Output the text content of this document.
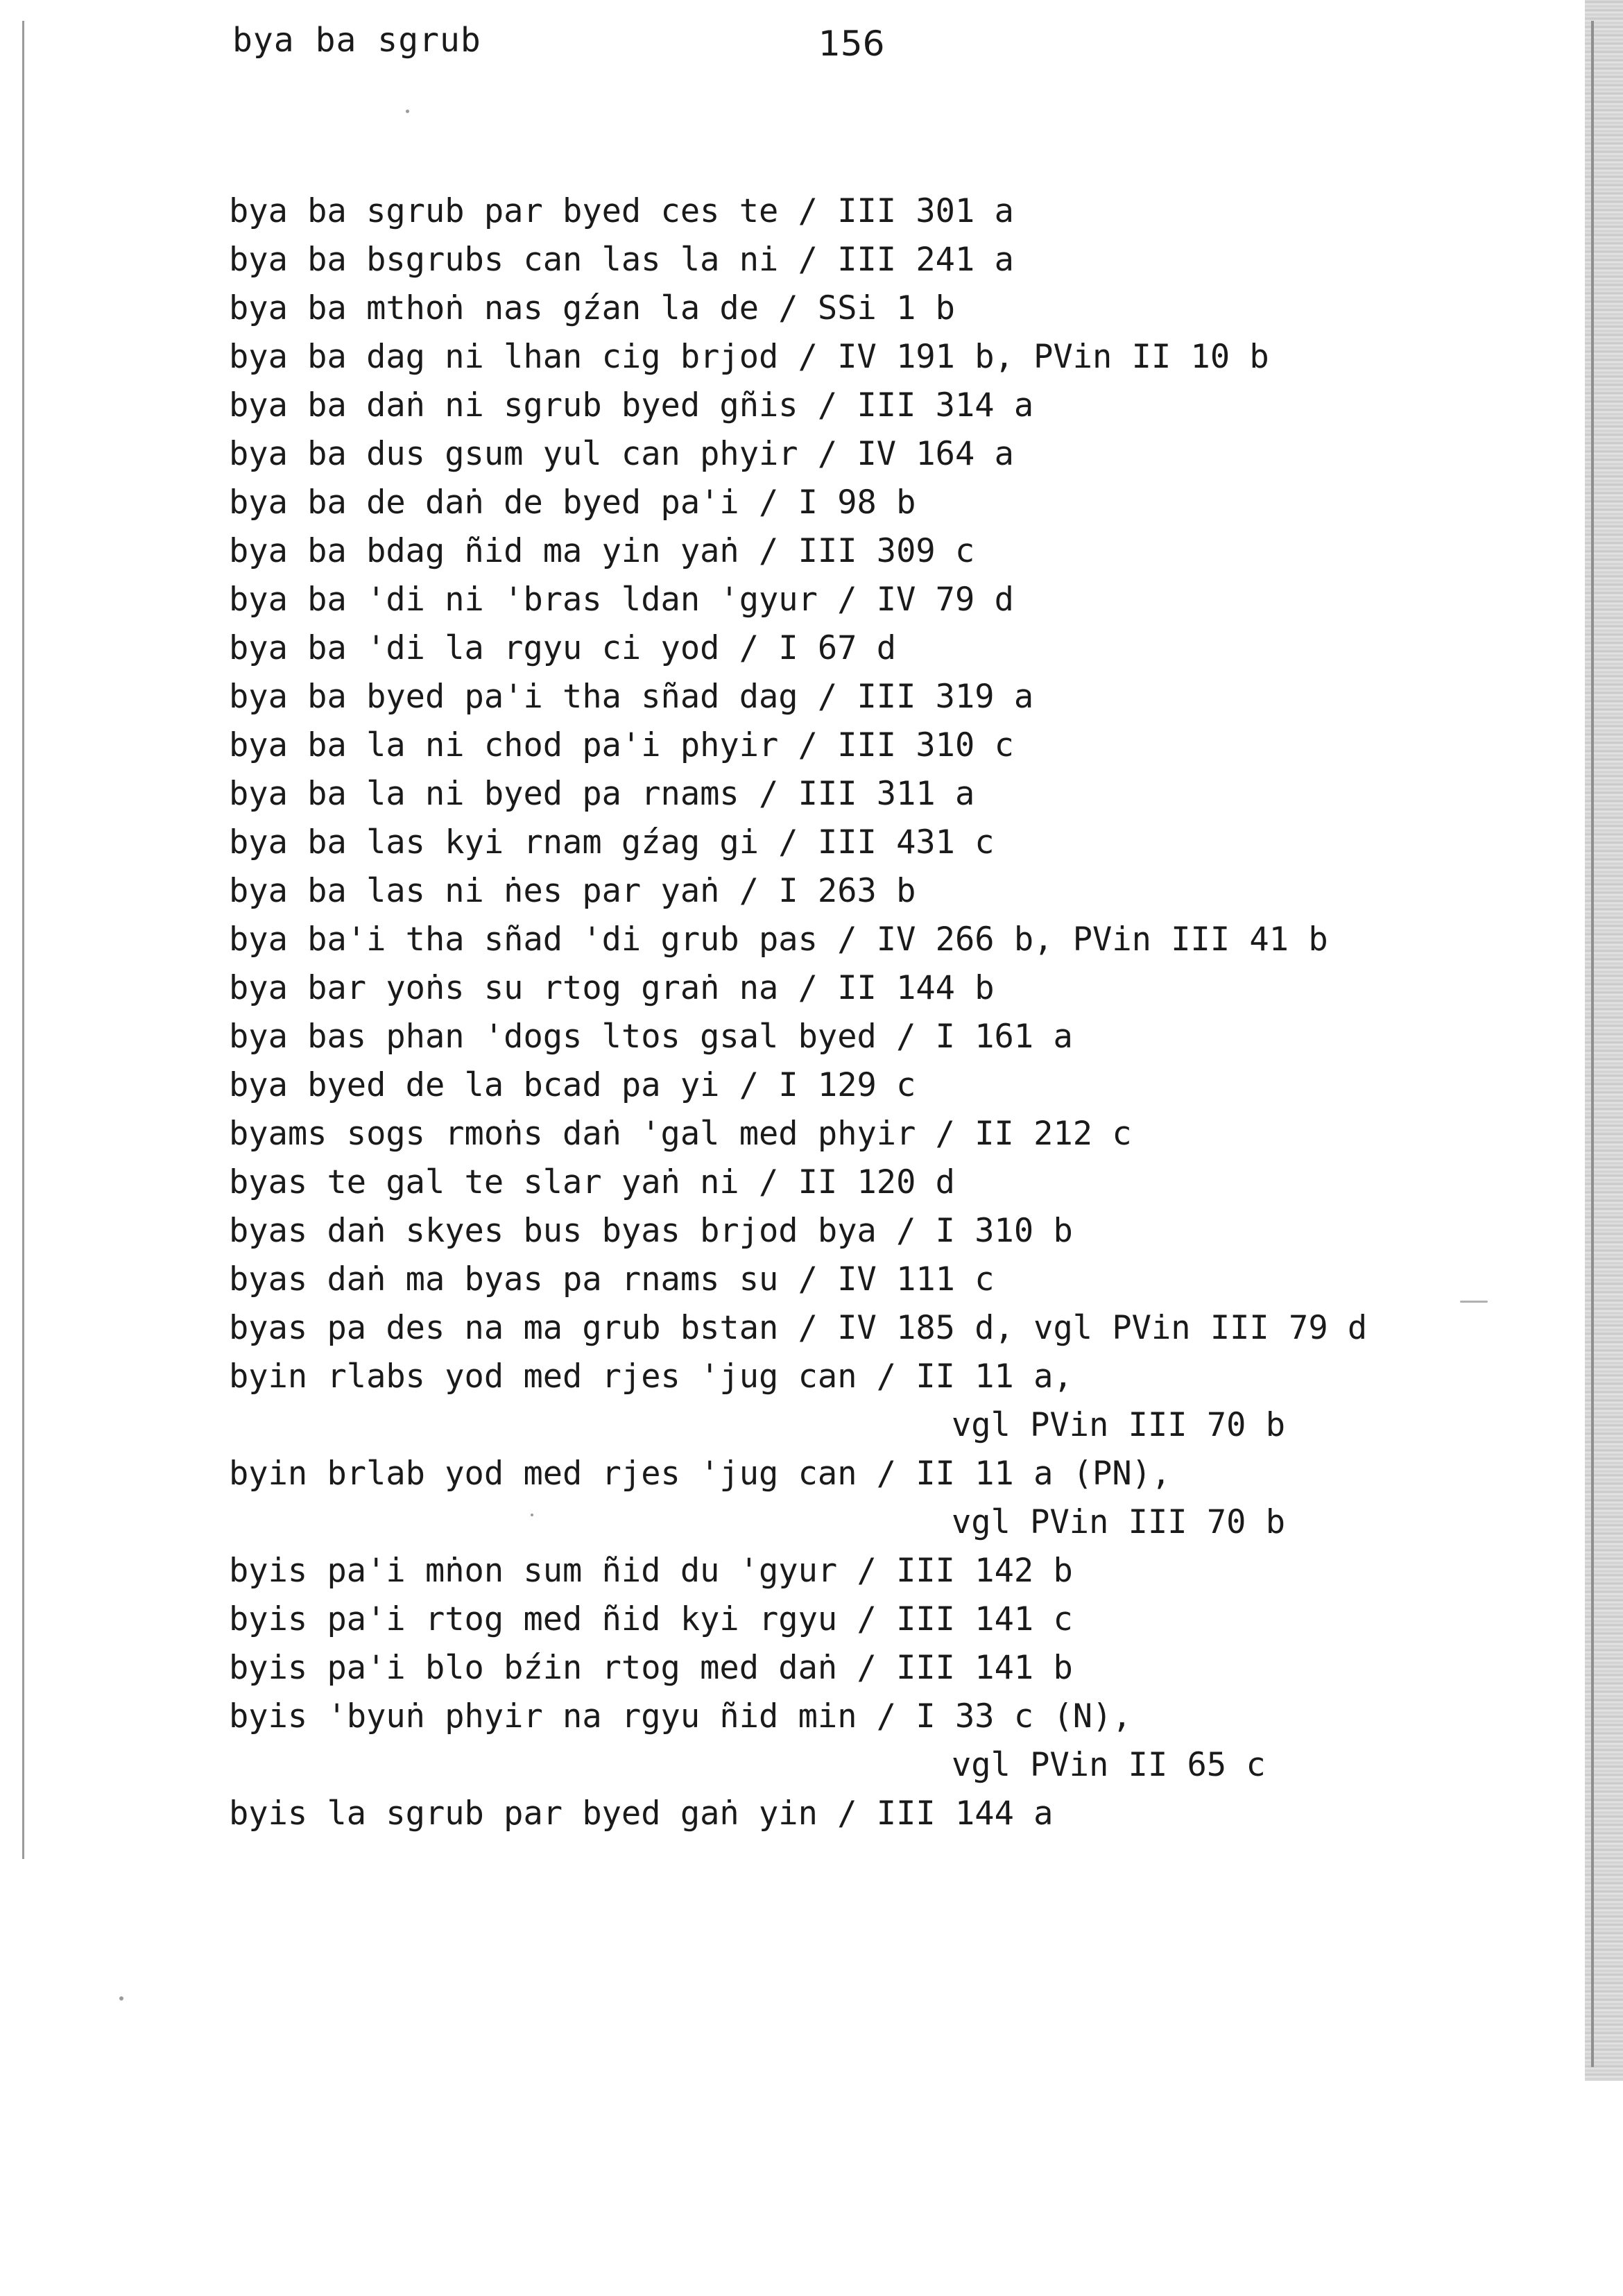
bya ba sgrub	156
bya ba sgrub par byed ces te / III 301 a
bya ba bsgrubs can las la ni / III 241 a
bya ba mthoṅ nas gźan la de / SSi 1 b
bya ba dag ni lhan cig brjod / IV 191 b, PVin II 10 b
bya ba daṅ ni sgrub byed gñis / III 314 a
bya ba dus gsum yul can phyir / IV 164 a
bya ba de daṅ de byed pa'i / I 98 b
bya ba bdag ñid ma yin yaṅ / III 309 c
bya ba 'di ni 'bras ldan 'gyur / IV 79 d
bya ba 'di la rgyu ci yod / I 67 d
bya ba byed pa'i tha sñad dag / III 319 a
bya ba la ni chod pa'i phyir / III 310 c
bya ba la ni byed pa rnams / III 311 a
bya ba las kyi rnam gźag gi / III 431 c
bya ba las ni ṅes par yaṅ / I 263 b
bya ba'i tha sñad 'di grub pas / IV 266 b, PVin III 41 b
bya bar yoṅs su rtog graṅ na / II 144 b
bya bas phan 'dogs ltos gsal byed / I 161 a
bya byed de la bcad pa yi / I 129 c
byams sogs rmoṅs daṅ 'gal med phyir / II 212 c
byas te gal te slar yaṅ ni / II 120 d
byas daṅ skyes bus byas brjod bya / I 310 b
byas daṅ ma byas pa rnams su / IV 111 c
byas pa des na ma grub bstan / IV 185 d, vgl PVin III 79 d
byin rlabs yod med rjes 'jug can / II 11 a,
vgl PVin III 70 b
byin brlab yod med rjes 'jug can / II 11 a (PN),
vgl PVin III 70 b
byis pa'i mṅon sum ñid du 'gyur / III 142 b
byis pa'i rtog med ñid kyi rgyu / III 141 c
byis pa'i blo bźin rtog med daṅ / III 141 b
byis 'byuṅ phyir na rgyu ñid min / I 33 c (N),
vgl PVin II 65 c
byis la sgrub par byed gaṅ yin / III 144 a
